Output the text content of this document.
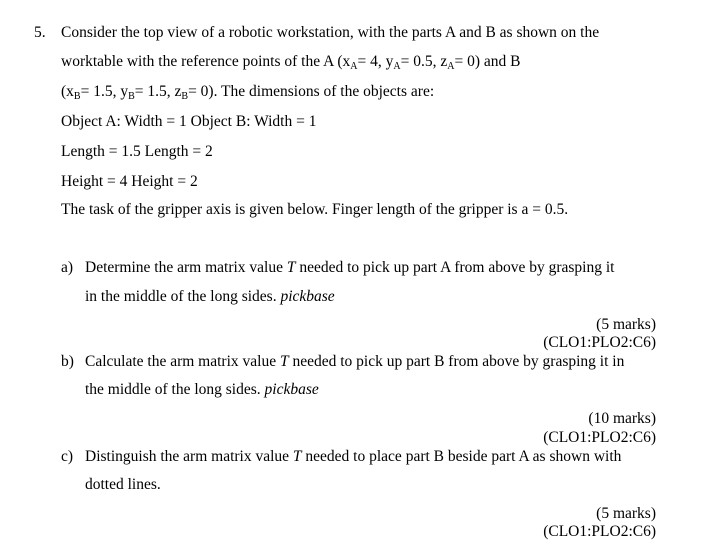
5. Consider the top view of a robotic workstation, with the parts A and B as shown on the
worktable with the reference points of the A ($x_A= 4$, $y_A= 0.5$, $z_A= 0$) and B
($x_B= 1.5$, $y_B= 1.5$, $z_B= 0$). The dimensions of the objects are:
Object A: Width = 1 Object B: Width = 1
Length = 1.5 Length = 2
Height = 4 Height = 2
The task of the gripper axis is given below. Finger length of the gripper is a = 0.5.
a) Determine the arm matrix value T needed to pick up part A from above by grasping it
in the middle of the long sides. pickbase
(5 marks)
(CLO1:PLO2:C6)
b) Calculate the arm matrix value T needed to pick up part B from above by grasping it in
the middle of the long sides. pickbase
(10 marks)
(CLO1:PLO2:C6)
c) Distinguish the arm matrix value T needed to place part B beside part A as shown with
dotted lines.
(5 marks)
(CLO1:PLO2:C6)
